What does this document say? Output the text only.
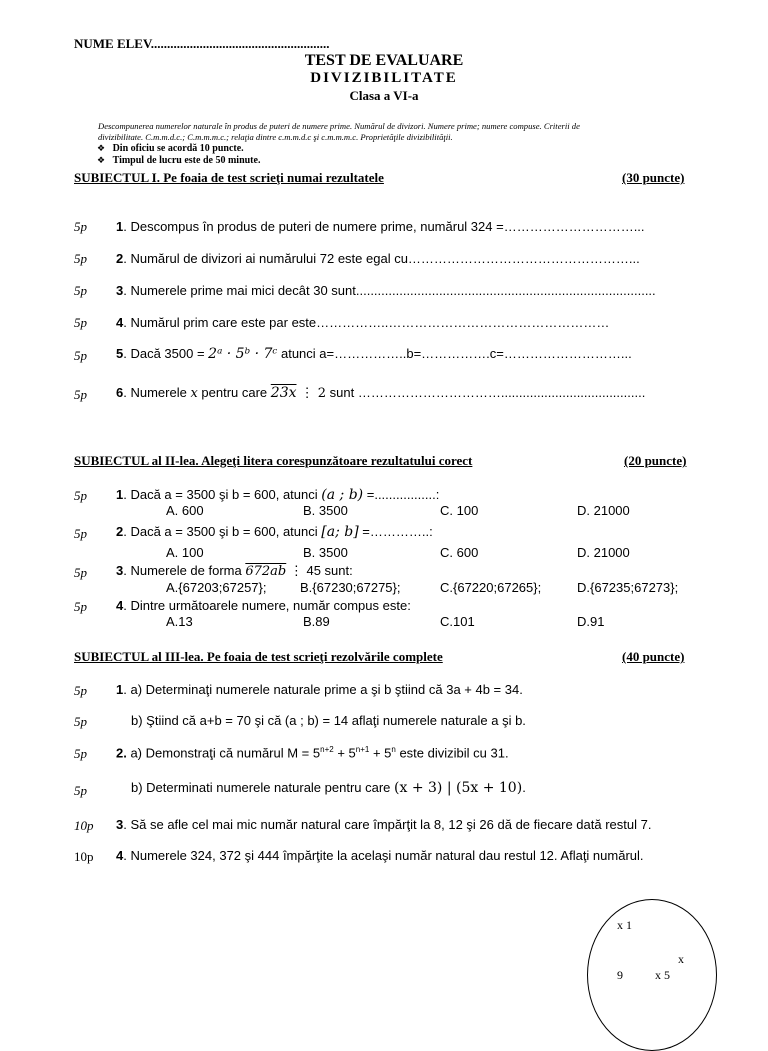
NUME ELEV.......................................................
TEST DE EVALUARE
DIVIZIBILITATE
Clasa a VI-a
Descompunerea numerelor naturale în produs de puteri de numere prime. Numărul de divizori. Numere prime; numere compuse. Criterii de
divizibilitate. C.m.m.d.c.; C.m.m.m.c.; relaţia dintre c.m.m.d.c şi c.m.m.m.c. Proprietăţile divizibilităţii.
❖ Din oficiu se acordă 10 puncte.
❖ Timpul de lucru este de 50 minute.
SUBIECTUL I. Pe foaia de test scrieţi numai rezultatele	(30 puncte)
5p 1. Descompus în produs de puteri de numere prime, numărul 324 =…………………………...
5p 2. Numărul de divizori ai numărului 72 este egal cu……………………………………………...
5p 3. Numerele prime mai mici decât 30 sunt...................................................................................
5p 4. Numărul prim care este par este……………..……………………………………………
5p 5. Dacă 3500 = 2ᵃ · 5ᵇ · 7ᶜ atunci a=……………..b=…………….c=………………………...
5p 6. Numerele x pentru care 23x ⋮ 2 sunt ……………………………........................................
SUBIECTUL al II-lea. Alegeţi litera corespunzătoare rezultatului corect	(20 puncte)
5p 1. Dacă a = 3500 şi b = 600, atunci (a ; b) =.................:
A. 600	B. 3500	C. 100	D. 21000
5p 2. Dacă a = 3500 şi b = 600, atunci [a; b] =…………..:
A. 100	B. 3500	C. 600	D. 21000
5p 3. Numerele de forma 672ab ⋮ 45 sunt:
A.{67203;67257};	B.{67230;67275};	C.{67220;67265};	D.{67235;67273};
5p 4. Dintre următoarele numere, număr compus este:
A.13	B.89	C.101	D.91
SUBIECTUL al III-lea. Pe foaia de test scrieţi rezolvările complete	(40 puncte)
5p 1. a) Determinaţi numerele naturale prime a şi b ştiind că 3a + 4b = 34.
5p	b) Ştiind că a+b = 70 şi că (a ; b) = 14 aflaţi numerele naturale a şi b.
5p 2. a) Demonstraţi că numărul $M = 5^{n+2} + 5^{n+1} + 5^n$ este divizibil cu 31.
5p	b) Determinati numerele naturale pentru care (x + 3) | (5x + 10).
10p 3. Să se afle cel mai mic număr natural care împărţit la 8, 12 şi 26 dă de fiecare dată restul 7.
10p 4. Numerele 324, 372 şi 444 împărţite la acelaşi număr natural dau restul 12. Aflaţi numărul.
x 1
x
9	x 5
